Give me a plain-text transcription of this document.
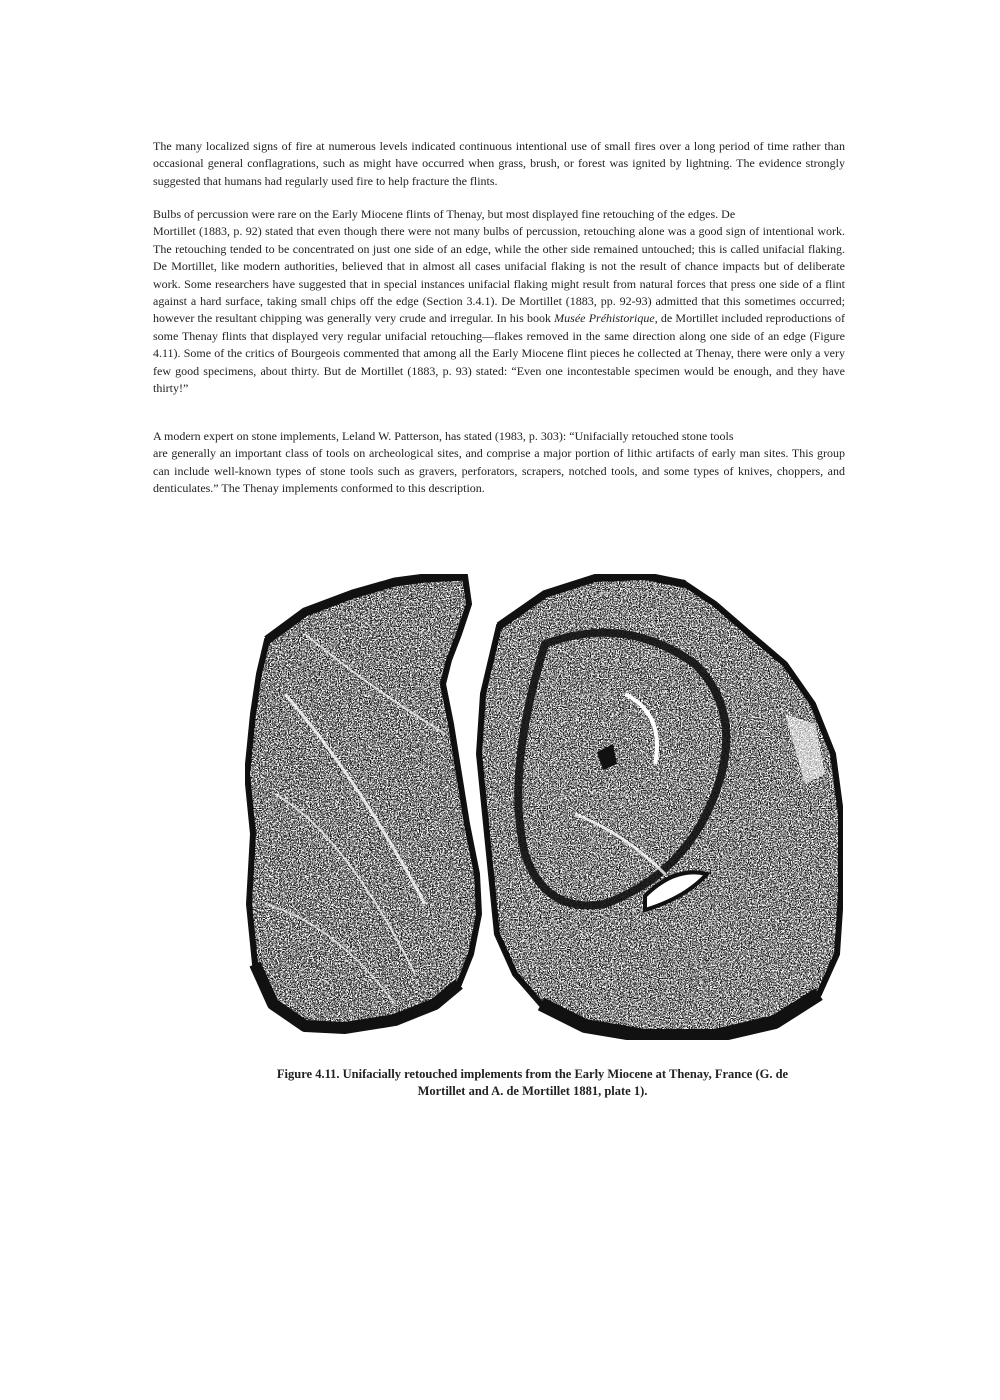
The many localized signs of fire at numerous levels indicated continuous intentional use of small fires over a long period of time rather than occasional general conflagrations, such as might have occurred when grass, brush, or forest was ignited by lightning. The evidence strongly suggested that humans had regularly used fire to help fracture the flints.

Bulbs of percussion were rare on the Early Miocene flints of Thenay, but most displayed fine retouching of the edges. De
Mortillet (1883, p. 92) stated that even though there were not many bulbs of percussion, retouching alone was a good sign of intentional work. The retouching tended to be concentrated on just one side of an edge, while the other side remained untouched; this is called unifacial flaking. De Mortillet, like modern authorities, believed that in almost all cases unifacial flaking is not the result of chance impacts but of deliberate work. Some researchers have suggested that in special instances unifacial flaking might result from natural forces that press one side of a flint against a hard surface, taking small chips off the edge (Section 3.4.1). De Mortillet (1883, pp. 92-93) admitted that this sometimes occurred; however the resultant chipping was generally very crude and irregular. In his book Musée Préhistorique, de Mortillet included reproductions of some Thenay flints that displayed very regular unifacial retouching—flakes removed in the same direction along one side of an edge (Figure 4.11). Some of the critics of Bourgeois commented that among all the Early Miocene flint pieces he collected at Thenay, there were only a very few good specimens, about thirty. But de Mortillet (1883, p. 93) stated: “Even one incontestable specimen would be enough, and they have thirty!”

A modern expert on stone implements, Leland W. Patterson, has stated (1983, p. 303): “Unifacially retouched stone tools
are generally an important class of tools on archeological sites, and comprise a major portion of lithic artifacts of early man sites. This group can include well-known types of stone tools such as gravers, perforators, scrapers, notched tools, and some types of knives, choppers, and denticulates.” The Thenay implements conformed to this description.

Figure 4.11. Unifacially retouched implements from the Early Miocene at Thenay, France (G. de
Mortillet and A. de Mortillet 1881, plate 1).
